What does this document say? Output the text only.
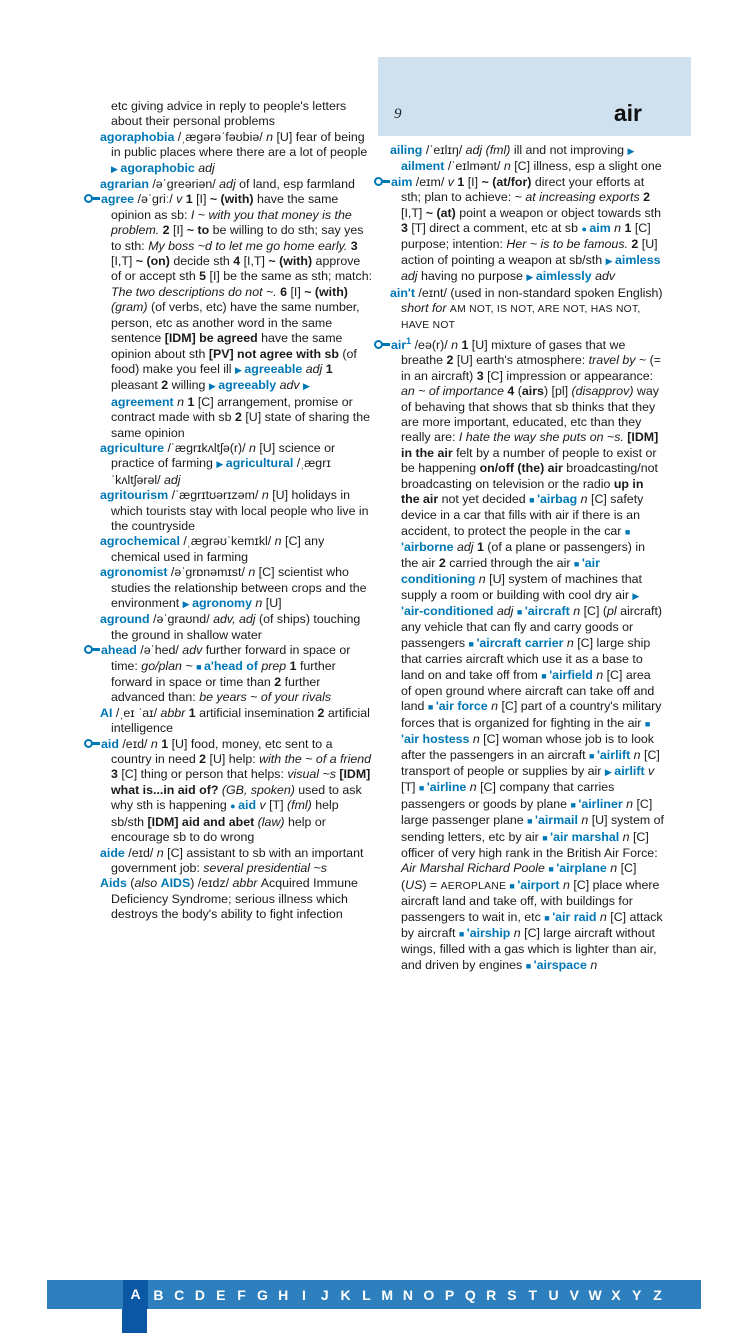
9	air

etc giving advice in reply to people's letters about their personal problems

agoraphobia /ˌæɡərəˈfəʊbiə/ n [U] fear of being in public places where there are a lot of people ▶ agoraphobic adj

agrarian /əˈɡreəriən/ adj of land, esp farmland

agree /əˈɡriː/ v 1 [I] ~ (with) have the same opinion as sb: I ~ with you that money is the problem. 2 [I] ~ to be willing to do sth; say yes to sth: My boss ~d to let me go home early. 3 [I,T] ~ (on) decide sth 4 [I,T] ~ (with) approve of or accept sth 5 [I] be the same as sth; match: The two descriptions do not ~. 6 [I] ~ (with) (gram) (of verbs, etc) have the same number, person, etc as another word in the same sentence [IDM] be agreed have the same opinion about sth [PV] not agree with sb (of food) make you feel ill ▶ agreeable adj 1 pleasant 2 willing ▶ agreeably adv ▶ agreement n 1 [C] arrangement, promise or contract made with sb 2 [U] state of sharing the same opinion

agriculture /ˈæɡrɪkʌltʃə(r)/ n [U] science or practice of farming ▶ agricultural /ˌæɡrɪˈkʌltʃərəl/ adj

agritourism /ˈæɡrɪtʊərɪzəm/ n [U] holidays in which tourists stay with local people who live in the countryside

agrochemical /ˌæɡrəʊˈkemɪkl/ n [C] any chemical used in farming

agronomist /əˈɡrɒnəmɪst/ n [C] scientist who studies the relationship between crops and the environment ▶ agronomy n [U]

aground /əˈɡraʊnd/ adv, adj (of ships) touching the ground in shallow water

ahead /əˈhed/ adv further forward in space or time: go/plan ~ ■ a'head of prep 1 further forward in space or time than 2 further advanced than: be years ~ of your rivals

AI /ˌeɪ ˈaɪ/ abbr 1 artificial insemination 2 artificial intelligence

aid /eɪd/ n 1 [U] food, money, etc sent to a country in need 2 [U] help: with the ~ of a friend 3 [C] thing or person that helps: visual ~s [IDM] what is...in aid of? (GB, spoken) used to ask why sth is happening ● aid v [T] (fml) help sb/sth [IDM] aid and abet (law) help or encourage sb to do wrong

aide /eɪd/ n [C] assistant to sb with an important government job: several presidential ~s

Aids (also AIDS) /eɪdz/ abbr Acquired Immune Deficiency Syndrome; serious illness which destroys the body's ability to fight infection

ailing /ˈeɪlɪŋ/ adj (fml) ill and not improving ▶ ailment /ˈeɪlmənt/ n [C] illness, esp a slight one

aim /eɪm/ v 1 [I] ~ (at/for) direct your efforts at sth; plan to achieve: ~ at increasing exports 2 [I,T] ~ (at) point a weapon or object towards sth 3 [T] direct a comment, etc at sb ● aim n 1 [C] purpose; intention: Her ~ is to be famous. 2 [U] action of pointing a weapon at sb/sth ▶ aimless adj having no purpose ▶ aimlessly adv

ain't /eɪnt/ (used in non-standard spoken English) short for AM NOT, IS NOT, ARE NOT, HAS NOT, HAVE NOT

air$^1$ /eə(r)/ n 1 [U] mixture of gases that we breathe 2 [U] earth's atmosphere: travel by ~ (= in an aircraft) 3 [C] impression or appearance: an ~ of importance 4 (airs) [pl] (disapprov) way of behaving that shows that sb thinks that they are more important, educated, etc than they really are: I hate the way she puts on ~s. [IDM] in the air felt by a number of people to exist or be happening on/off (the) air broadcasting/not broadcasting on television or the radio up in the air not yet decided ■ 'airbag n [C] safety device in a car that fills with air if there is an accident, to protect the people in the car ■ 'airborne adj 1 (of a plane or passengers) in the air 2 carried through the air ■ 'air conditioning n [U] system of machines that supply a room or building with cool dry air ▶ 'air-conditioned adj ■ 'aircraft n [C] (pl aircraft) any vehicle that can fly and carry goods or passengers ■ 'aircraft carrier n [C] large ship that carries aircraft which use it as a base to land on and take off from ■ 'airfield n [C] area of open ground where aircraft can take off and land ■ 'air force n [C] part of a country's military forces that is organized for fighting in the air ■ 'air hostess n [C] woman whose job is to look after the passengers in an aircraft ■ 'airlift n [C] transport of people or supplies by air ▶ airlift v [T] ■ 'airline n [C] company that carries passengers or goods by plane ■ 'airliner n [C] large passenger plane ■ 'airmail n [U] system of sending letters, etc by air ■ 'air marshal n [C] officer of very high rank in the British Air Force: Air Marshal Richard Poole ■ 'airplane n [C] (US) = AEROPLANE ■ 'airport n [C] place where aircraft land and take off, with buildings for passengers to wait in, etc ■ 'air raid n [C] attack by aircraft ■ 'airship n [C] large aircraft without wings, filled with a gas which is lighter than air, and driven by engines ■ 'airspace n

A B C D E F G H I	J K L M N O P Q R S T U V W X Y Z
